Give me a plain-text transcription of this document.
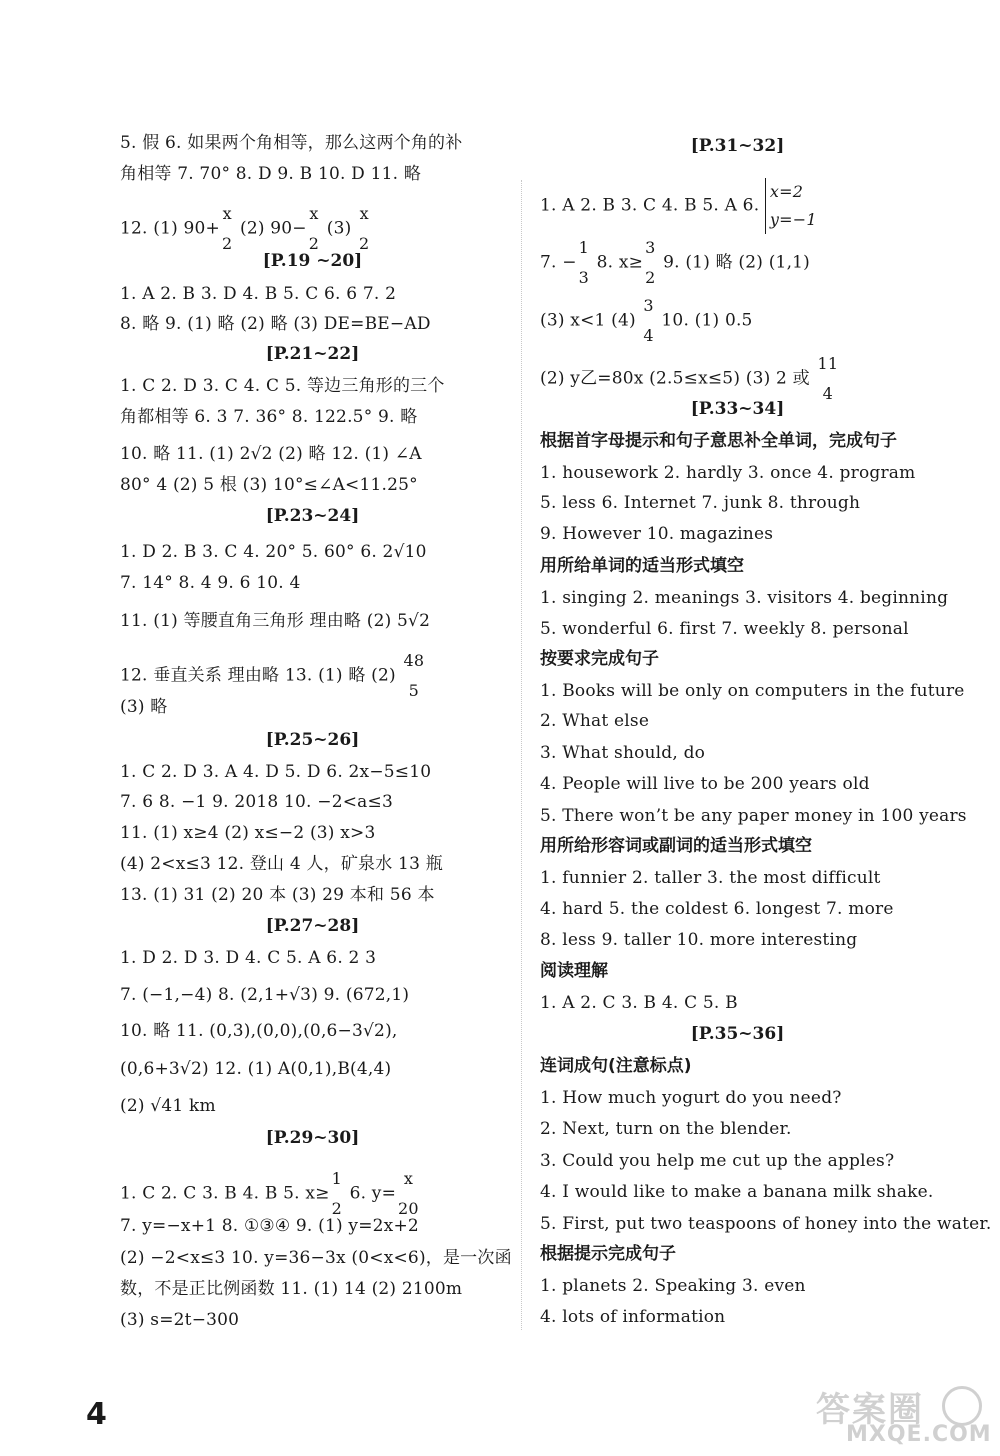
5. 假 6. 如果两个角相等，那么这两个角的补
角相等 7. 70° 8. D 9. B 10. D 11. 略
12. (1) 90+
x
2
(2) 90−
x
2
(3)
x
2
[P.19 ~20]
1. A 2. B 3. D 4. B 5. C 6. 6 7. 2
8. 略 9. (1) 略 (2) 略 (3) DE=BE−AD
[P.21~22]
1. C 2. D 3. C 4. C 5. 等边三角形的三个
角都相等 6. 3 7. 36° 8. 122.5° 9. 略
10. 略 11. (1) 2√2 (2) 略 12. (1) ∠A
80° 4 (2) 5 根 (3) 10°≤∠A<11.25°
[P.23~24]
1. D 2. B 3. C 4. 20° 5. 60° 6. 2√10
7. 14° 8. 4 9. 6 10. 4
11. (1) 等腰直角三角形 理由略 (2) 5√2
12. 垂直关系 理由略 13. (1) 略 (2)
48
5
(3) 略
[P.25~26]
1. C 2. D 3. A 4. D 5. D 6. 2x−5≤10
7. 6 8. −1 9. 2018 10. −2<a≤3
11. (1) x≥4 (2) x≤−2 (3) x>3
(4) 2<x≤3 12. 登山 4 人，矿泉水 13 瓶
13. (1) 31 (2) 20 本 (3) 29 本和 56 本
[P.27~28]
1. D 2. D 3. D 4. C 5. A 6. 2 3
7. (−1,−4) 8. (2,1+√3) 9. (672,1)
10. 略 11. (0,3),(0,0),(0,6−3√2),
(0,6+3√2) 12. (1) A(0,1),B(4,4)
(2) √41 km
[P.29~30]
1. C 2. C 3. B 4. B 5. x≥
1
2
6. y=
x
20
7. y=−x+1 8. ①③④ 9. (1) y=2x+2
(2) −2<x≤3 10. y=36−3x (0<x<6)，是一次函
数，不是正比例函数 11. (1) 14 (2) 2100m
(3) s=2t−300
[P.31~32]
1. A 2. B 3. C 4. B 5. A 6.
x=2
y=−1
7. −
1
3
8. x≥
3
2
9. (1) 略 (2) (1,1)
(3) x<1 (4)
3
4
10. (1) 0.5
(2) y乙=80x (2.5≤x≤5) (3) 2 或
11
4
[P.33~34]
根据首字母提示和句子意思补全单词，完成句子
1. housework 2. hardly 3. once 4. program
5. less 6. Internet 7. junk 8. through
9. However 10. magazines
用所给单词的适当形式填空
1. singing 2. meanings 3. visitors 4. beginning
5. wonderful 6. first 7. weekly 8. personal
按要求完成句子
1. Books will be only on computers in the future
2. What else
3. What should, do
4. People will live to be 200 years old
5. There won’t be any paper money in 100 years
用所给形容词或副词的适当形式填空
1. funnier 2. taller 3. the most difficult
4. hard 5. the coldest 6. longest 7. more
8. less 9. taller 10. more interesting
阅读理解
1. A 2. C 3. B 4. C 5. B
[P.35~36]
连词成句(注意标点)
1. How much yogurt do you need?
2. Next, turn on the blender.
3. Could you help me cut up the apples?
4. I would like to make a banana milk shake.
5. First, put two teaspoons of honey into the water.
根据提示完成句子
1. planets 2. Speaking 3. even
4. lots of information
4	答案圈
MXQE.COM
